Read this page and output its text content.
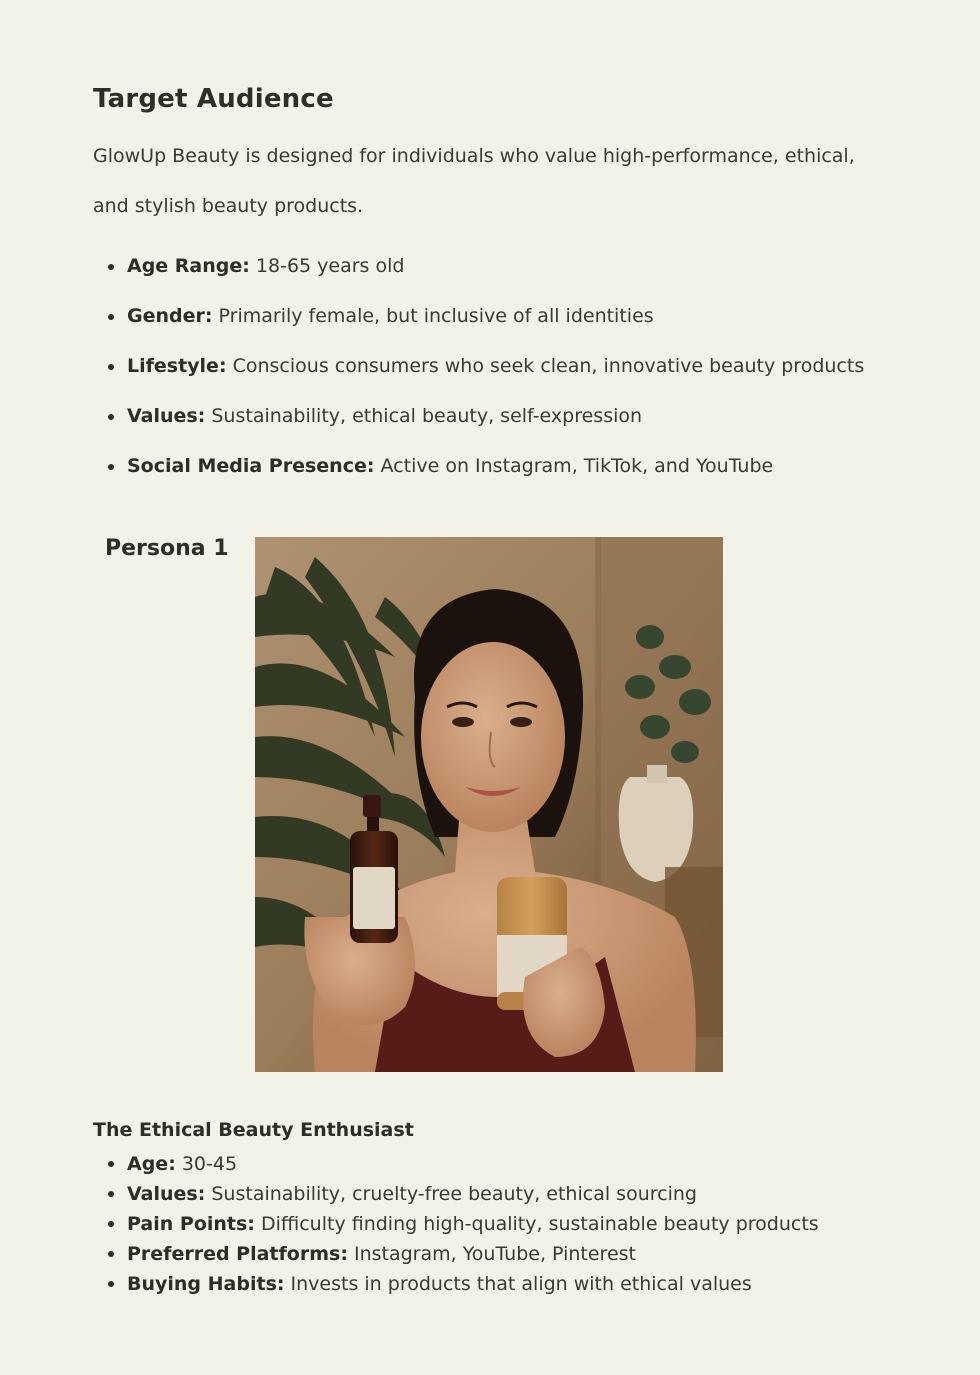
Target Audience

GlowUp Beauty is designed for individuals who value high-performance, ethical, and stylish beauty products.

Age Range: 18-65 years old
Gender: Primarily female, but inclusive of all identities
Lifestyle: Conscious consumers who seek clean, innovative beauty products
Values: Sustainability, ethical beauty, self-expression
Social Media Presence: Active on Instagram, TikTok, and YouTube
Persona 1
The Ethical Beauty Enthusiast
Age: 30-45
Values: Sustainability, cruelty-free beauty, ethical sourcing
Pain Points: Difficulty finding high-quality, sustainable beauty products
Preferred Platforms: Instagram, YouTube, Pinterest
Buying Habits: Invests in products that align with ethical values
